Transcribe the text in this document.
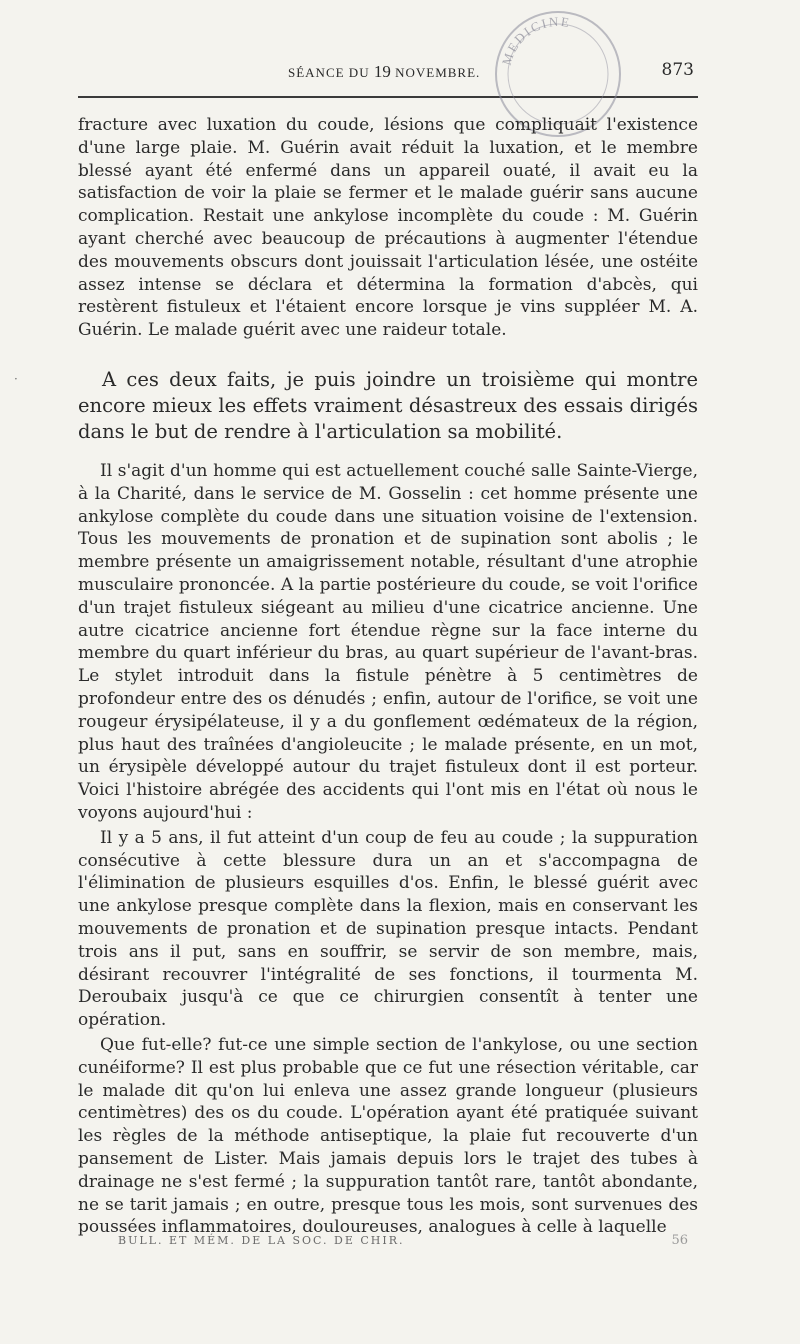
SÉANCE DU 19 NOVEMBRE.	873
MEDICINE

fracture avec luxation du coude, lésions que compliquait l'existence d'une large plaie. M. Guérin avait réduit la luxation, et le membre blessé ayant été enfermé dans un appareil ouaté, il avait eu la satisfaction de voir la plaie se fermer et le malade guérir sans aucune complication. Restait une ankylose incomplète du coude : M. Guérin ayant cherché avec beaucoup de précautions à augmenter l'étendue des mouvements obscurs dont jouissait l'articulation lésée, une ostéite assez intense se déclara et détermina la formation d'abcès, qui restèrent fistuleux et l'étaient encore lorsque je vins suppléer M. A. Guérin. Le malade guérit avec une raideur totale.

·	A ces deux faits, je puis joindre un troisième qui montre encore mieux les effets vraiment désastreux des essais dirigés dans le but de rendre à l'articulation sa mobilité.

Il s'agit d'un homme qui est actuellement couché salle Sainte-Vierge, à la Charité, dans le service de M. Gosselin : cet homme présente une ankylose complète du coude dans une situation voisine de l'extension. Tous les mouvements de pronation et de supination sont abolis ; le membre présente un amaigrissement notable, résultant d'une atrophie musculaire prononcée. A la partie postérieure du coude, se voit l'orifice d'un trajet fistuleux siégeant au milieu d'une cicatrice ancienne. Une autre cicatrice ancienne fort étendue règne sur la face interne du membre du quart inférieur du bras, au quart supérieur de l'avant-bras. Le stylet introduit dans la fistule pénètre à 5 centimètres de profondeur entre des os dénudés ; enfin, autour de l'orifice, se voit une rougeur érysipélateuse, il y a du gonflement œdémateux de la région, plus haut des traînées d'angioleucite ; le malade présente, en un mot, un érysipèle développé autour du trajet fistuleux dont il est porteur. Voici l'histoire abrégée des accidents qui l'ont mis en l'état où nous le voyons aujourd'hui :

Il y a 5 ans, il fut atteint d'un coup de feu au coude ; la suppuration consécutive à cette blessure dura un an et s'accompagna de l'élimination de plusieurs esquilles d'os. Enfin, le blessé guérit avec une ankylose presque complète dans la flexion, mais en conservant les mouvements de pronation et de supination presque intacts. Pendant trois ans il put, sans en souffrir, se servir de son membre, mais, désirant recouvrer l'intégralité de ses fonctions, il tourmenta M. Deroubaix jusqu'à ce que ce chirurgien consentît à tenter une opération.

Que fut-elle? fut-ce une simple section de l'ankylose, ou une section cunéiforme? Il est plus probable que ce fut une résection véritable, car le malade dit qu'on lui enleva une assez grande longueur (plusieurs centimètres) des os du coude. L'opération ayant été pratiquée suivant les règles de la méthode antiseptique, la plaie fut recouverte d'un pansement de Lister. Mais jamais depuis lors le trajet des tubes à drainage ne s'est fermé ; la suppuration tantôt rare, tantôt abondante, ne se tarit jamais ; en outre, presque tous les mois, sont survenues des poussées inflammatoires, douloureuses, analogues à celle à laquelle

BULL. ET MÉM. DE LA SOC. DE CHIR.	56
